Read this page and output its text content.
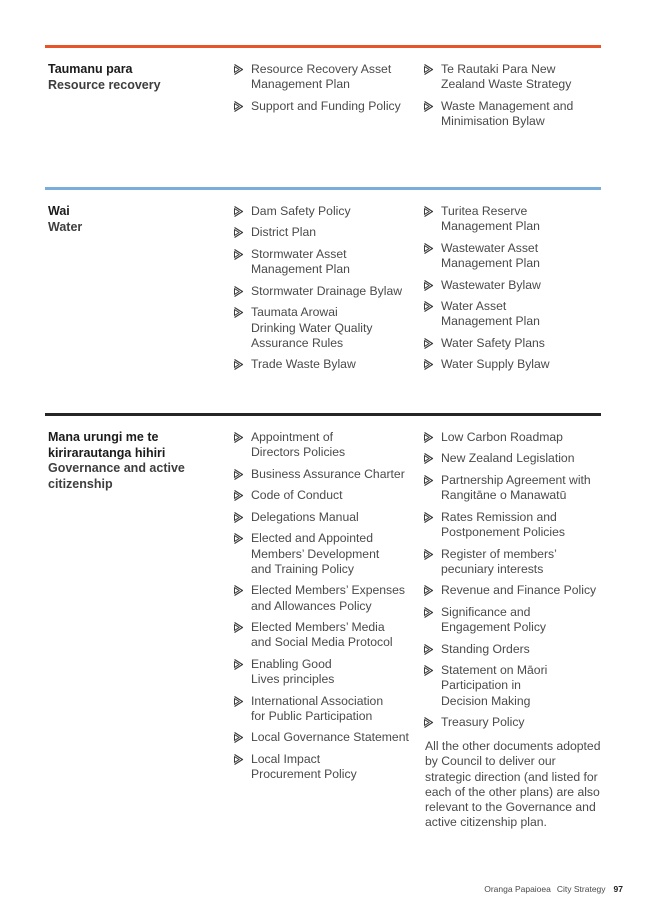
Taumanu para
Resource recovery
Resource Recovery Asset
Management Plan
Support and Funding Policy
Te Rautaki Para New
Zealand Waste Strategy
Waste Management and
Minimisation Bylaw
Wai
Water
Dam Safety Policy
District Plan
Stormwater Asset
Management Plan
Stormwater Drainage Bylaw
Taumata Arowai
Drinking Water Quality
Assurance Rules
Trade Waste Bylaw
Turitea Reserve
Management Plan
Wastewater Asset
Management Plan
Wastewater Bylaw
Water Asset
Management Plan
Water Safety Plans
Water Supply Bylaw
Mana urungi me te kirirarautanga hihiri
Governance and active citizenship
Appointment of
Directors Policies
Business Assurance Charter
Code of Conduct
Delegations Manual
Elected and Appointed
Members’ Development
and Training Policy
Elected Members’ Expenses
and Allowances Policy
Elected Members’ Media
and Social Media Protocol
Enabling Good
Lives principles
International Association
for Public Participation
Local Governance Statement
Local Impact
Procurement Policy
Low Carbon Roadmap
New Zealand Legislation
Partnership Agreement with
Rangitāne o Manawatū
Rates Remission and
Postponement Policies
Register of members’
pecuniary interests
Revenue and Finance Policy
Significance and
Engagement Policy
Standing Orders
Statement on Māori
Participation in
Decision Making
Treasury Policy
All the other documents adopted by Council to deliver our strategic direction (and listed for each of the other plans) are also relevant to the Governance and active citizenship plan.
Oranga Papaioea City Strategy 97
